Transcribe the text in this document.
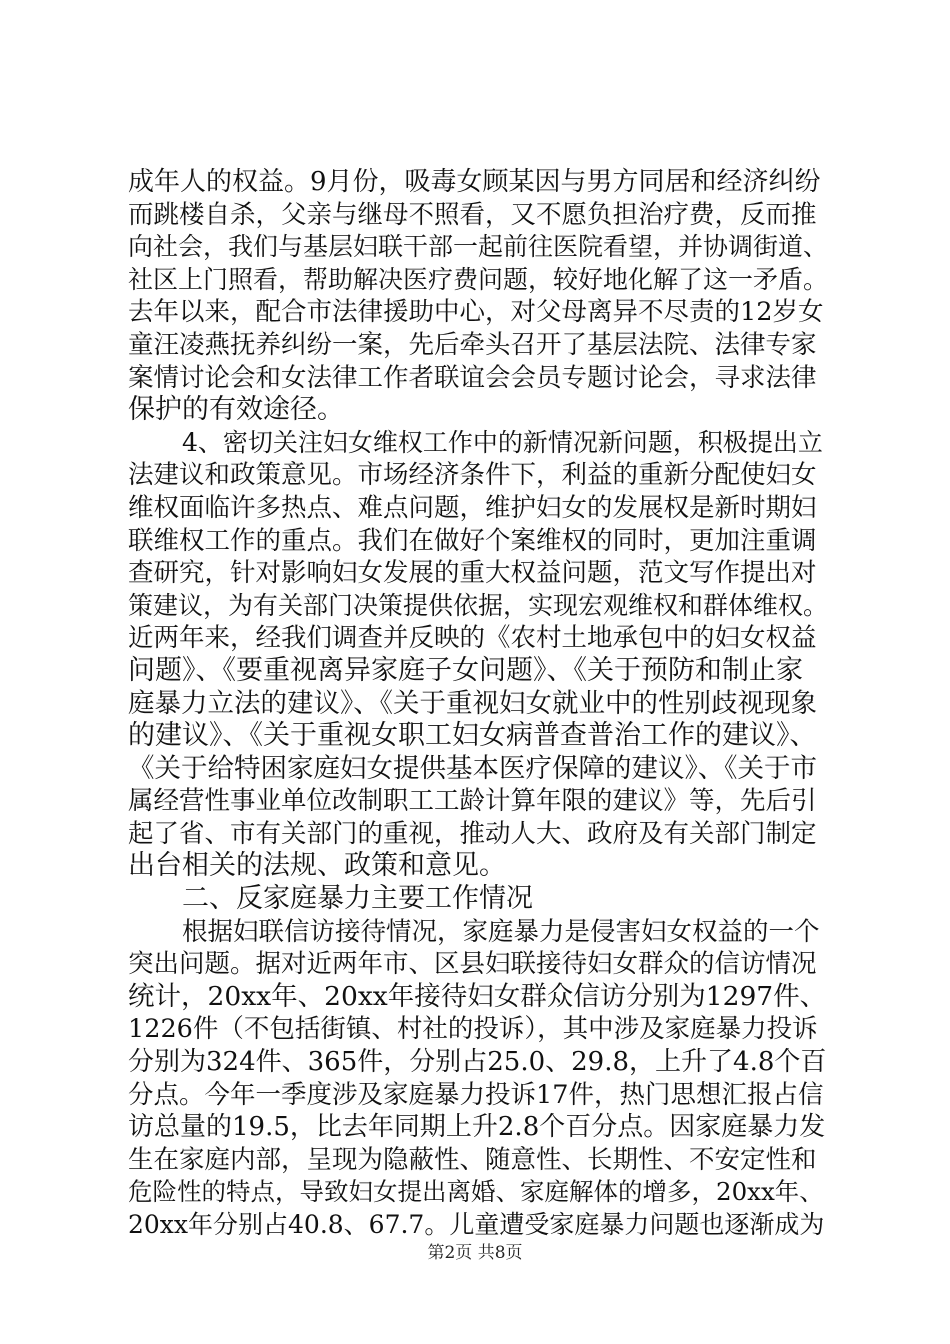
成年人的权益。9月份，吸毒女顾某因与男方同居和经济纠纷
而跳楼自杀，父亲与继母不照看，又不愿负担治疗费，反而推
向社会，我们与基层妇联干部一起前往医院看望，并协调街道、
社区上门照看，帮助解决医疗费问题，较好地化解了这一矛盾。
去年以来，配合市法律援助中心，对父母离异不尽责的12岁女
童汪凌燕抚养纠纷一案，先后牵头召开了基层法院、法律专家
案情讨论会和女法律工作者联谊会会员专题讨论会，寻求法律
保护的有效途径。
4、密切关注妇女维权工作中的新情况新问题，积极提出立
法建议和政策意见。市场经济条件下，利益的重新分配使妇女
维权面临许多热点、难点问题，维护妇女的发展权是新时期妇
联维权工作的重点。我们在做好个案维权的同时，更加注重调
查研究，针对影响妇女发展的重大权益问题，范文写作提出对
策建议，为有关部门决策提供依据，实现宏观维权和群体维权。
近两年来，经我们调查并反映的《农村土地承包中的妇女权益
问题》、《要重视离异家庭子女问题》、《关于预防和制止家
庭暴力立法的建议》、《关于重视妇女就业中的性别歧视现象
的建议》、《关于重视女职工妇女病普查普治工作的建议》、
《关于给特困家庭妇女提供基本医疗保障的建议》、《关于市
属经营性事业单位改制职工工龄计算年限的建议》等，先后引
起了省、市有关部门的重视，推动人大、政府及有关部门制定
出台相关的法规、政策和意见。
二、反家庭暴力主要工作情况
根据妇联信访接待情况，家庭暴力是侵害妇女权益的一个
突出问题。据对近两年市、区县妇联接待妇女群众的信访情况
统计，20xx年、20xx年接待妇女群众信访分别为1297件、
1226件（不包括街镇、村社的投诉），其中涉及家庭暴力投诉
分别为324件、365件，分别占25.0、29.8，上升了4.8个百
分点。今年一季度涉及家庭暴力投诉17件，热门思想汇报占信
访总量的19.5，比去年同期上升2.8个百分点。因家庭暴力发
生在家庭内部，呈现为隐蔽性、随意性、长期性、不安定性和
危险性的特点，导致妇女提出离婚、家庭解体的增多，20xx年、
20xx年分别占40.8、67.7。儿童遭受家庭暴力问题也逐渐成为
第2页 共8页
